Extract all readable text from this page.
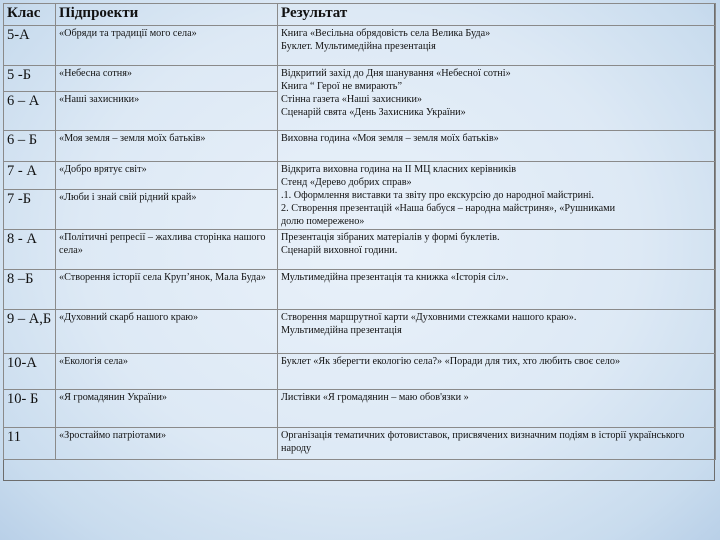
Клас	Підпроекти	Результат
5-А	«Обряди та традиції мого села»	Книга «Весільна обрядовість села Велика Буда»
Буклет. Мультимедійна презентація

5 -Б	«Небесна сотня»	Відкритий захід до Дня шанування «Небесної сотні»
Книга “ Герої не вмирають”
Стінна газета «Наші захисники»
Сценарій свята «День Захисника України»

6 – А	«Наші захисники»	

6 – Б	«Моя земля – земля моїх батьків»	Виховна година «Моя земля – земля моїх батьків»

7 - А	«Добро врятує світ»	Відкрита виховна година на ІІ МЦ класних керівників
Стенд «Дерево добрих справ»
.1. Оформлення виставки та звіту про екскурсію до народної майстрині.
2. Створення презентацій «Наша бабуся – народна майстриня», «Рушниками
долю помережено»

7 -Б	«Люби і знай свій рідний край»	

8 - А	«Політичні репресії – жахлива сторінка нашого села»	Презентація зібраних матеріалів у формі буклетів.
Сценарій виховної години.

8 –Б	«Створення історії села Круп’янок, Мала Буда»	Мультимедійна презентація та книжка «Історія сіл».

9 – А,Б	«Духовний скарб нашого краю»	Створення маршрутної карти «Духовними стежками нашого краю».
Мультимедійна презентація

10-А	«Екологія села»	Буклет «Як зберегти екологію села?» «Поради для тих, хто любить своє село»

10- Б	«Я громадянин України»	Листівки «Я громадянин – маю обов'язки »

11	«Зростаймо патріотами»	Організація тематичних фотовиставок, присвячених визначним подіям в історії українського народу
